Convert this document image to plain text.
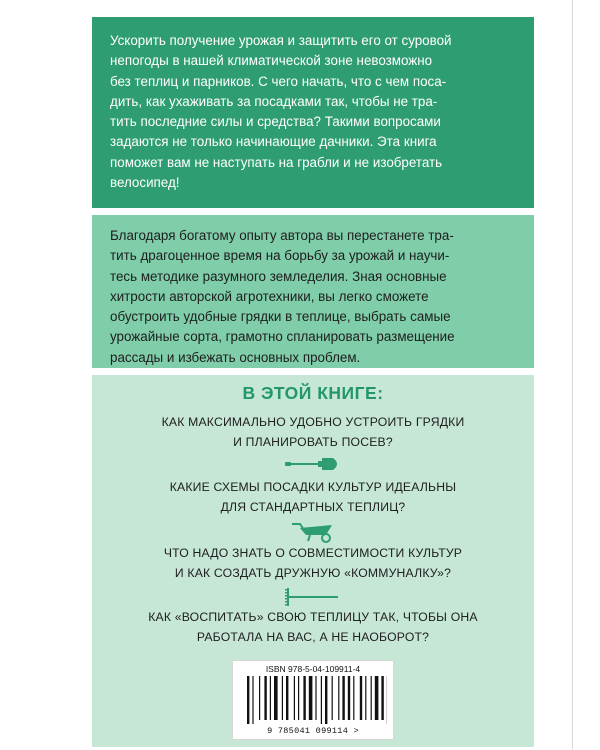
Ускорить получение урожая и защитить его от суровой
непогоды в нашей климатической зоне невозможно
без теплиц и парников. С чего начать, что с чем посa-
дить, как ухаживать за посадками так, чтобы не тра-
тить последние силы и средства? Такими вопросами
задаются не только начинающие дачники. Эта книга
поможет вам не наступать на грабли и не изобретать
велосипед!

Благодаря богатому опыту автора вы перестанете тра-
тить драгоценное время на борьбу за урожай и научи-
тесь методике разумного земледелия. Зная основные
хитрости авторской агротехники, вы легко сможете
обустроить удобные грядки в теплице, выбрать самые
урожайные сорта, грамотно спланировать размещение
рассады и избежать основных проблем.

В ЭТОЙ КНИГЕ:

КАК МАКСИМАЛЬНО УДОБНО УСТРОИТЬ ГРЯДКИ
И ПЛАНИРОВАТЬ ПОСЕВ?

КАКИЕ СХЕМЫ ПОСАДКИ КУЛЬТУР ИДЕАЛЬНЫ
ДЛЯ СТАНДАРТНЫХ ТЕПЛИЦ?

ЧТО НАДО ЗНАТЬ О СОВМЕСТИМОСТИ КУЛЬТУР
И КАК СОЗДАТЬ ДРУЖНУЮ «КОММУНАЛКУ»?

КАК «ВОСПИТАТЬ» СВОЮ ТЕПЛИЦУ ТАК, ЧТОБЫ ОНА
РАБОТАЛА НА ВАС, А НЕ НАОБОРОТ?

ISBN 978-5-04-109911-4
9 785041 099114 >
